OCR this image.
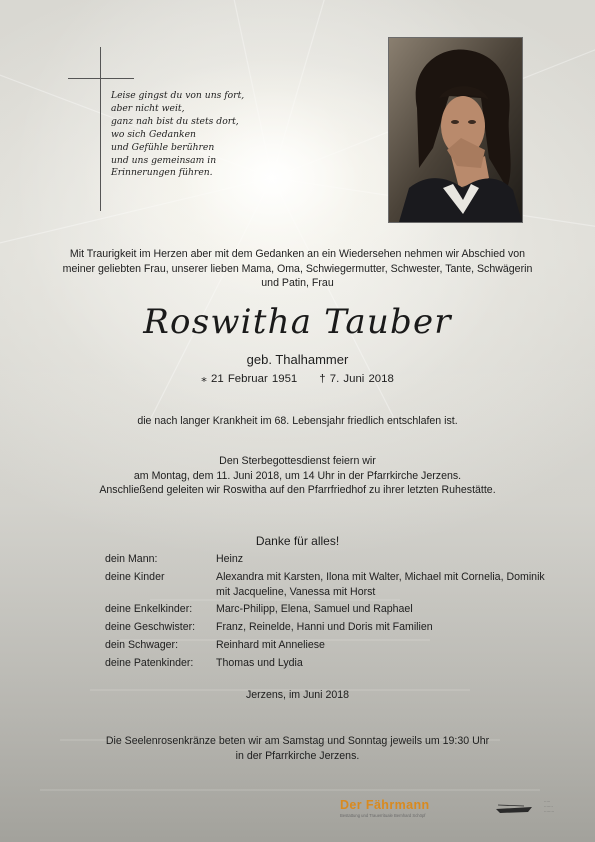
Leise gingst du von uns fort,
aber nicht weit,
ganz nah bist du stets dort,
wo sich Gedanken
und Gefühle berühren
und uns gemeinsam in
Erinnerungen führen.
Mit Traurigkeit im Herzen aber mit dem Gedanken an ein Wiedersehen nehmen wir Abschied von
meiner geliebten Frau, unserer lieben Mama, Oma, Schwiegermutter, Schwester, Tante, Schwägerin
und Patin, Frau
Roswitha Tauber
geb. Thalhammer
⁎ 21 Februar 1951 † 7. Juni 2018
die nach langer Krankheit im 68. Lebensjahr friedlich entschlafen ist.
Den Sterbegottesdienst feiern wir
am Montag, dem 11. Juni 2018, um 14 Uhr in der Pfarrkirche Jerzens.
Anschließend geleiten wir Roswitha auf den Pfarrfriedhof zu ihrer letzten Ruhestätte.
Danke für alles!
dein Mann:	Heinz
deine Kinder	Alexandra mit Karsten, Ilona mit Walter, Michael mit Cornelia, Dominik mit Jacqueline, Vanessa mit Horst
deine Enkelkinder: Marc-Philipp, Elena, Samuel und Raphael
deine Geschwister: Franz, Reinelde, Hanni und Doris mit Familien
dein Schwager:	Reinhard mit Anneliese
deine Patenkinder: Thomas und Lydia
Jerzens, im Juni 2018
Die Seelenrosenkränze beten wir am Samstag und Sonntag jeweils um 19:30 Uhr
in der Pfarrkirche Jerzens.
Der Fährmann
Bestattung und Trauerrituale Bernhard Schöpf
·····
·······
········
